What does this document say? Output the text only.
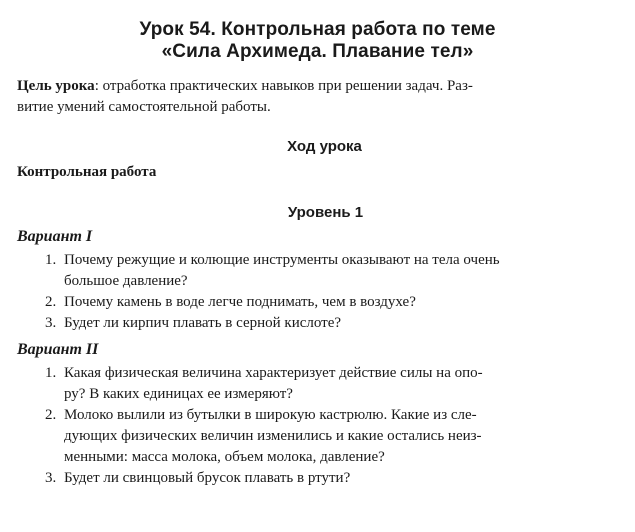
Урок 54. Контрольная работа по теме
«Сила Архимеда. Плавание тел»
Цель урока: отработка практических навыков при решении задач. Раз-
витие умений самостоятельной работы.
Ход урока
Контрольная работа
Уровень 1
Вариант I
1. Почему режущие и колющие инструменты оказывают на тела очень
большое давление?
2. Почему камень в воде легче поднимать, чем в воздухе?
3. Будет ли кирпич плавать в серной кислоте?
Вариант II
1. Какая физическая величина характеризует действие силы на опо-
ру? В каких единицах ее измеряют?
2. Молоко вылили из бутылки в широкую кастрюлю. Какие из сле-
дующих физических величин изменились и какие остались неиз-
менными: масса молока, объем молока, давление?
3. Будет ли свинцовый брусок плавать в ртути?
